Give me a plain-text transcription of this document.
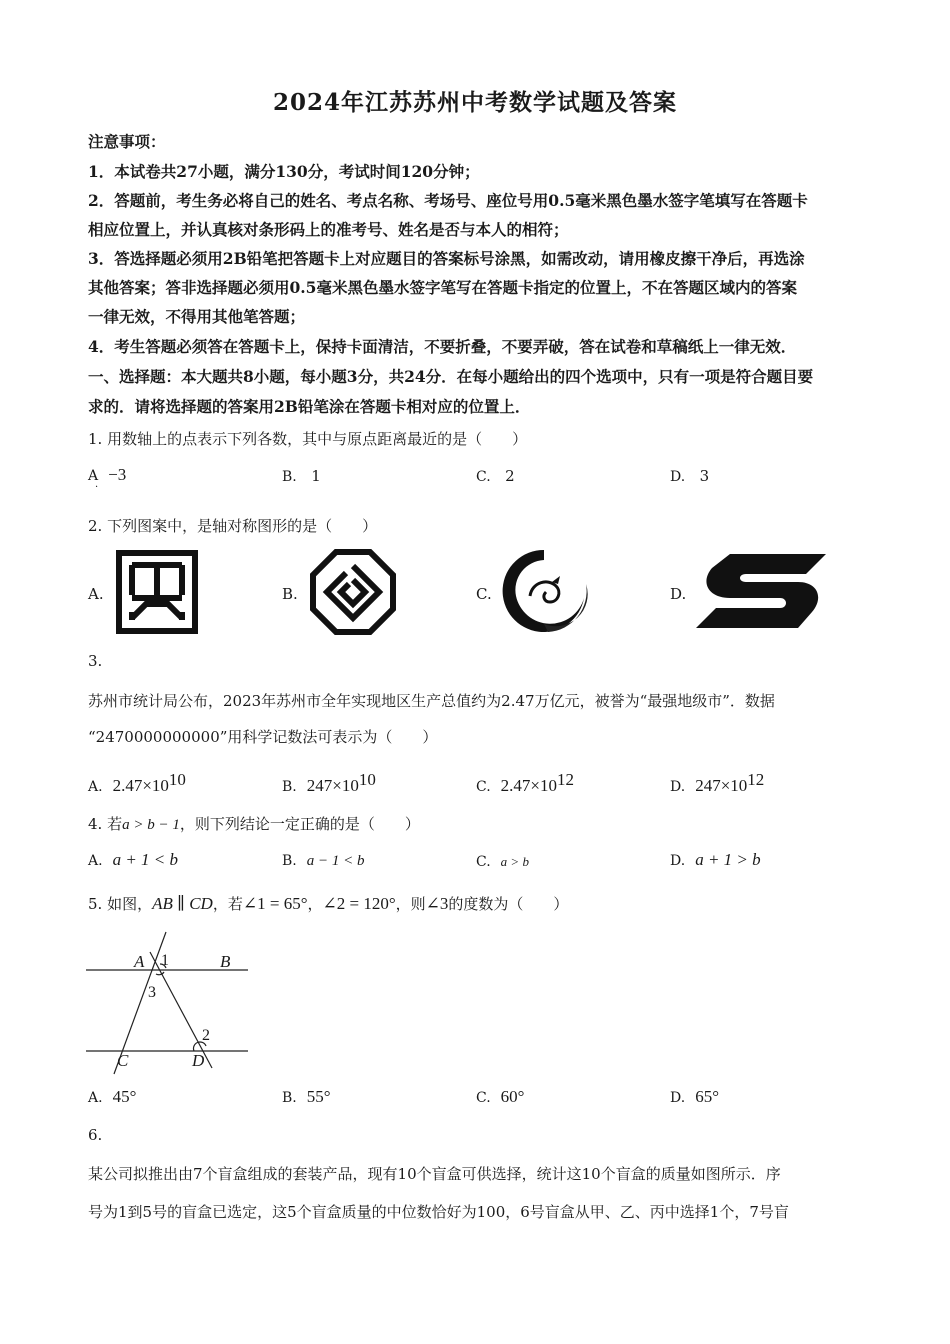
2024年江苏苏州中考数学试题及答案
注意事项：
1．本试卷共27小题，满分130分，考试时间120分钟；
2．答题前，考生务必将自己的姓名、考点名称、考场号、座位号用0.5毫米黑色墨水签字笔填写在答题卡
相应位置上，并认真核对条形码上的准考号、姓名是否与本人的相符；
3．答选择题必须用2B铅笔把答题卡上对应题目的答案标号涂黑，如需改动，请用橡皮擦干净后，再选涂
其他答案；答非选择题必须用0.5毫米黑色墨水签字笔写在答题卡指定的位置上，不在答题区域内的答案
一律无效，不得用其他笔答题；
4．考生答题必须答在答题卡上，保持卡面清洁，不要折叠，不要弄破，答在试卷和草稿纸上一律无效．
一、选择题：本大题共8小题，每小题3分，共24分．在每小题给出的四个选项中，只有一项是符合题目要
求的．请将选择题的答案用2B铅笔涂在答题卡相对应的位置上．
1. 用数轴上的点表示下列各数，其中与原点距离最近的是（　　）
A −3
·
B. 1	C. 2	D. 3
2. 下列图案中，是轴对称图形的是（　　）
A.	B.	C.	D.
3.
苏州市统计局公布，2023年苏州市全年实现地区生产总值约为2.47万亿元，被誉为“最强地级市”．数据
“2470000000000”用科学记数法可表示为（　　）
A. $2.47\times 10^{10}$	B. $247\times 10^{10}$	C. $2.47\times 10^{12}$	D. $247\times 10^{12}$
4. 若a > b − 1，则下列结论一定正确的是（　　）
A. a + 1 < b	B. a − 1 < b	C. a > b	D. a + 1 > b
5. 如图，AB ∥ CD，若∠1 = 65°，∠2 = 120°，则∠3的度数为（　　）
A 1	B
3
2
C	D
A. 45°	B. 55°	C. 60°	D. 65°
6.
某公司拟推出由7个盲盒组成的套装产品，现有10个盲盒可供选择，统计这10个盲盒的质量如图所示．序
号为1到5号的盲盒已选定，这5个盲盒质量的中位数恰好为100，6号盲盒从甲、乙、丙中选择1个，7号盲
